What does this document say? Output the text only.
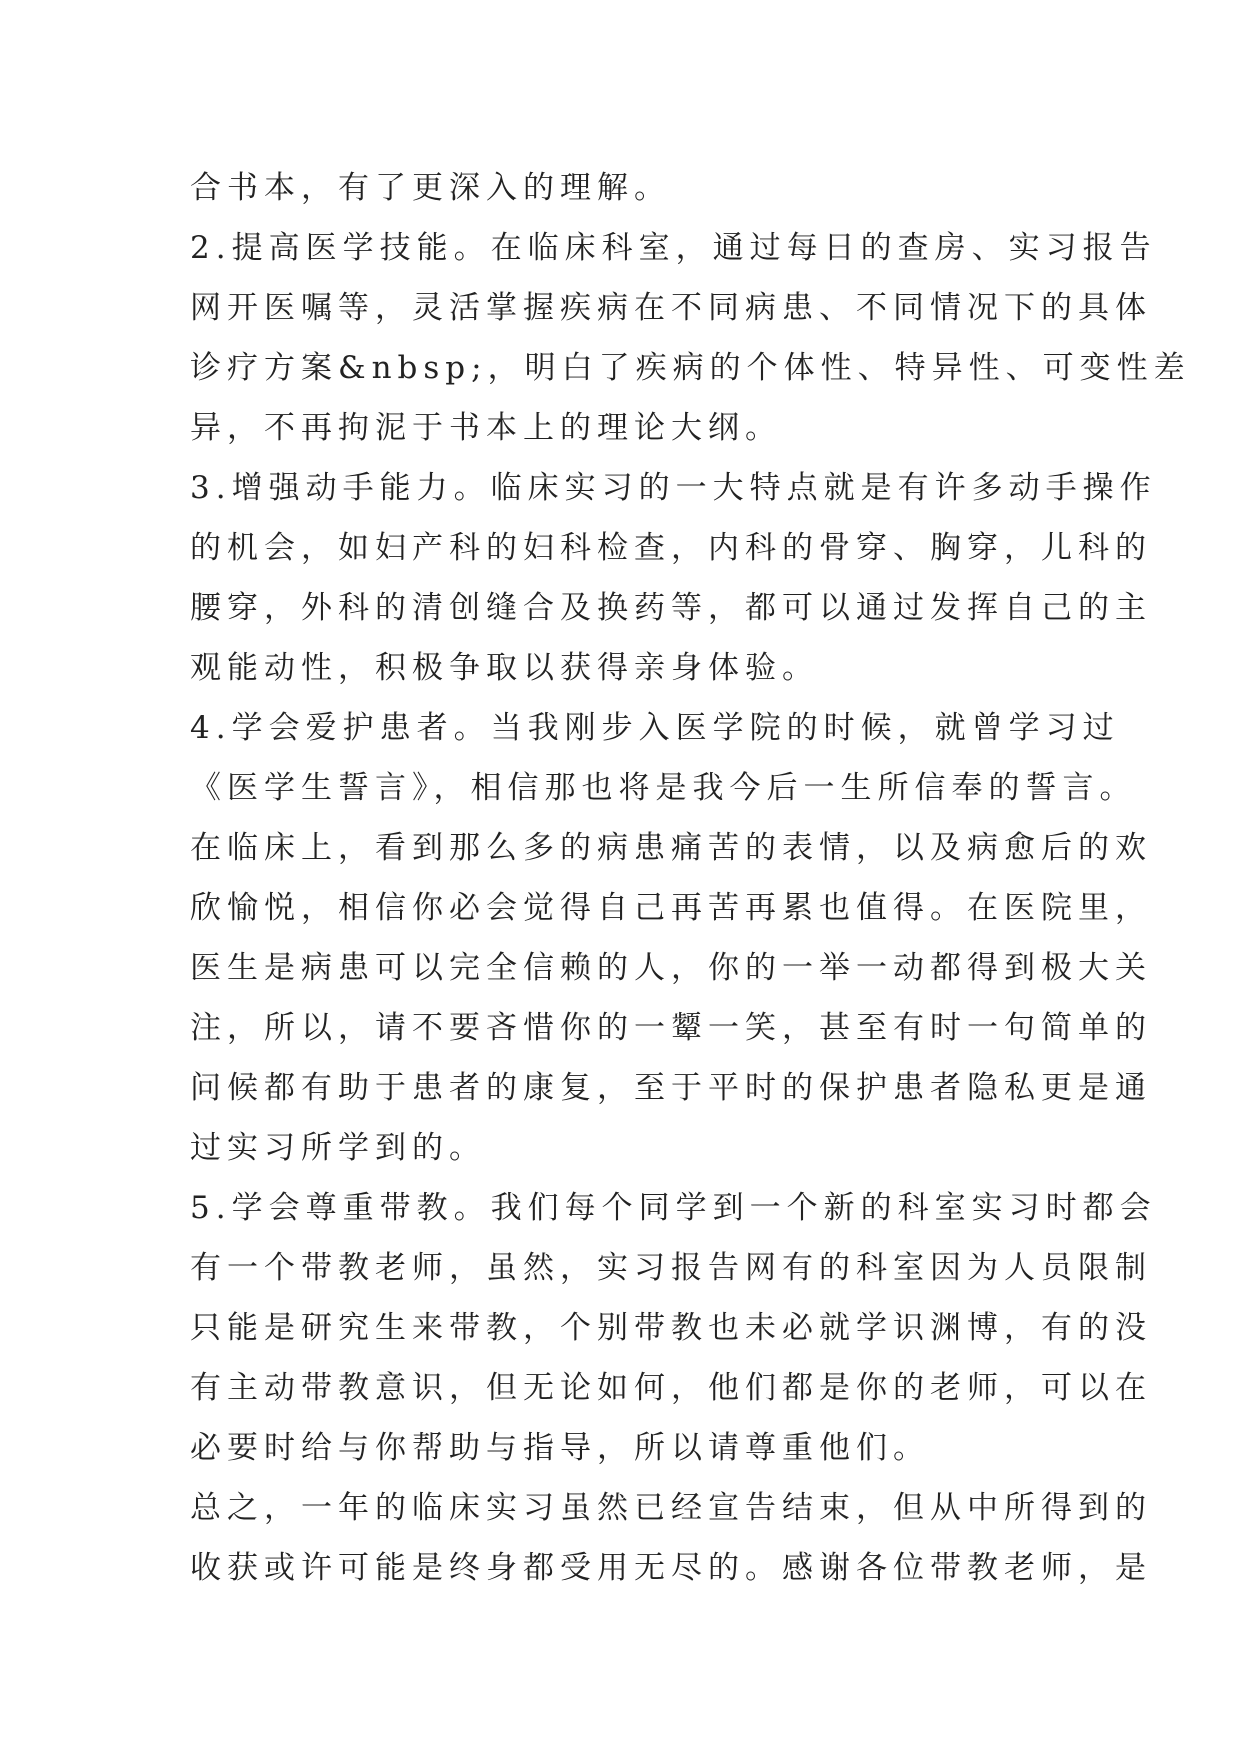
合书本，有了更深入的理解。
2.提高医学技能。在临床科室，通过每日的查房、实习报告
网开医嘱等，灵活掌握疾病在不同病患、不同情况下的具体
诊疗方案&nbsp;，明白了疾病的个体性、特异性、可变性差
异，不再拘泥于书本上的理论大纲。
3.增强动手能力。临床实习的一大特点就是有许多动手操作
的机会，如妇产科的妇科检查，内科的骨穿、胸穿，儿科的
腰穿，外科的清创缝合及换药等，都可以通过发挥自己的主
观能动性，积极争取以获得亲身体验。
4.学会爱护患者。当我刚步入医学院的时候，就曾学习过
《医学生誓言》，相信那也将是我今后一生所信奉的誓言。
在临床上，看到那么多的病患痛苦的表情，以及病愈后的欢
欣愉悦，相信你必会觉得自己再苦再累也值得。在医院里，
医生是病患可以完全信赖的人，你的一举一动都得到极大关
注，所以，请不要吝惜你的一颦一笑，甚至有时一句简单的
问候都有助于患者的康复，至于平时的保护患者隐私更是通
过实习所学到的。
5.学会尊重带教。我们每个同学到一个新的科室实习时都会
有一个带教老师，虽然，实习报告网有的科室因为人员限制
只能是研究生来带教，个别带教也未必就学识渊博，有的没
有主动带教意识，但无论如何，他们都是你的老师，可以在
必要时给与你帮助与指导，所以请尊重他们。
总之，一年的临床实习虽然已经宣告结束，但从中所得到的
收获或许可能是终身都受用无尽的。感谢各位带教老师，是
